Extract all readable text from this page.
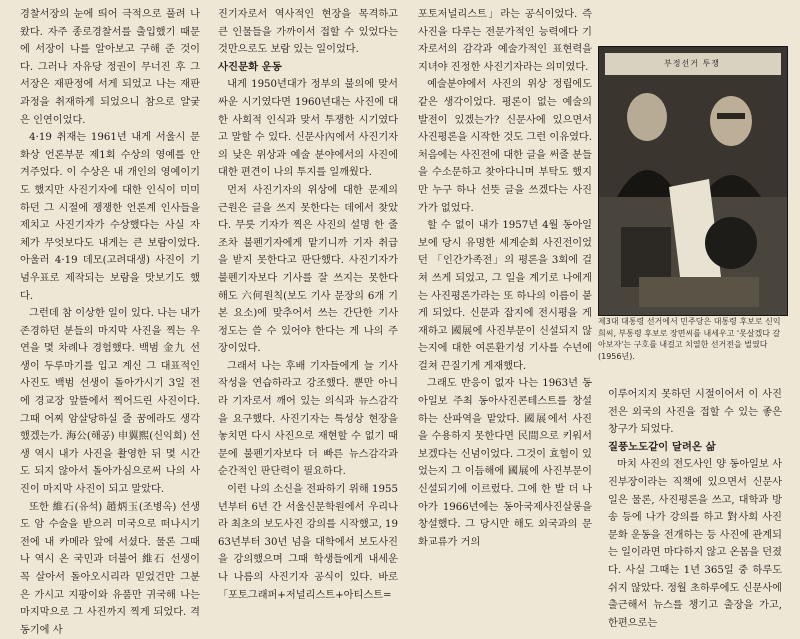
경찰서장의 눈에 띄어 극적으로 풀려 나왔다. 자주 종로경찰서를 출입했기 때문에 서장이 나를 알아보고 구해 준 것이다. 그러나 자유당 정권이 무너진 후 그 서장은 재판정에 서게 되었고 나는 재판 과정을 취재하게 되었으니 참으로 얄궂은 인연이었다.

4·19 취재는 1961년 내게 서울시 문화상 언론부문 제1회 수상의 영예를 안겨주었다. 이 수상은 내 개인의 영예이기도 했지만 사진기자에 대한 인식이 미미하던 그 시절에 쟁쟁한 언론계 인사들을 제치고 사진기자가 수상했다는 사실 자체가 무엇보다도 내게는 큰 보람이었다. 아울러 4·19 데모(고려대생) 사진이 기념우표로 제작되는 보람을 맛보기도 했다.

그런데 참 이상한 일이 있다. 나는 내가 존경하던 분들의 마지막 사진을 찍는 우연을 몇 차례나 경험했다. 백범 金九 선생이 두루마기를 입고 계신 그 대표적인 사진도 백범 선생이 돌아가시기 3일 전에 경교장 앞뜰에서 찍어드린 사진이다. 그때 어찌 암살당하실 줄 꿈에라도 생각했겠는가. 海公(해공) 申翼熙(신익희) 선생 역시 내가 사진을 촬영한 뒤 몇 시간도 되지 않아서 돌아가심으로써 나의 사진이 마지막 사진이 되고 말았다.

또한 維石(유석) 趙炳玉(조병옥) 선생도 암 수술을 받으러 미국으로 떠나시기 전에 내 카메라 앞에 서셨다. 물론 그때 나 역시 온 국민과 더불어 維石 선생이 꼭 살아서 돌아오시리라 믿었건만 그분은 가시고 지팡이와 유품만 귀국해 나는 마지막으로 그 사진까지 찍게 되었다. 격동기에 사

진기자로서 역사적인 현장을 목격하고 큰 인물들을 가까이서 접할 수 있었다는 것만으로도 보람 있는 일이었다.

사진문화 운동

내게 1950년대가 정부의 불의에 맞서 싸운 시기였다면 1960년대는 사진에 대한 사회적 인식과 맞서 투쟁한 시기였다고 말할 수 있다. 신문사內에서 사진기자의 낮은 위상과 예술 분야에서의 사진에 대한 편견이 나의 투지를 일깨웠다.

먼저 사진기자의 위상에 대한 문제의 근원은 글을 쓰지 못한다는 데에서 찾았다. 무릇 기자가 찍은 사진의 설명 한 줄조차 불펜기자에게 맡기니까 기자 취급을 받지 못한다고 판단했다. 사진기자가 불펜기자보다 기사를 잘 쓰지는 못한다 해도 六何원칙(보도 기사 문장의 6개 기본 요소)에 맞추어서 쓰는 간단한 기사 정도는 쓸 수 있어야 한다는 게 나의 주장이었다.

그래서 나는 후배 기자들에게 늘 기사작성을 연습하라고 강조했다. 뿐만 아니라 기자로서 깨어 있는 의식과 뉴스감각을 요구했다. 사진기자는 특성상 현장을 놓치면 다시 사진으로 재현할 수 없기 때문에 불펜기자보다 더 빠른 뉴스감각과 순간적인 판단력이 필요하다.

이런 나의 소신을 전파하기 위해 1955년부터 6년 간 서울신문학원에서 우리나라 최초의 보도사진 강의를 시작했고, 1963년부터 30년 넘을 대학에서 보도사진을 강의했으며 그때 학생들에게 내세운 나 나름의 사진기자 공식이 있다. 바로 「포토그래퍼+저널리스트+아티스트=

포토저널리스트」라는 공식이었다. 즉 사진을 다루는 전문가적인 능력에다 기자로서의 감각과 예술가적인 표현력을 지녀야 진정한 사진기자라는 의미였다.

예술분야에서 사진의 위상 정립에도 같은 생각이었다. 평론이 없는 예술의 발전이 있겠는가? 신문사에 있으면서 사진평론을 시작한 것도 그런 이유였다. 처음에는 사진전에 대한 글을 써줄 분들을 수소문하고 찾아다니며 부탁도 했지만 누구 하나 선뜻 글을 쓰겠다는 사진가가 없었다.

할 수 없이 내가 1957년 4월 동아일보에 당시 유명한 세계순회 사진전이었던 「인간가족전」의 평론을 3회에 걸쳐 쓰게 되었고, 그 일을 계기로 나에게는 사진평론가라는 또 하나의 이름이 붙게 되었다. 신문과 잡지에 전시평을 게재하고 國展에 사진부문이 신설되지 않는지에 대한 여론환기성 기사를 수년에 걸쳐 끈질기게 게재했다.

그래도 반응이 없자 나는 1963년 동아일보 주최 동아사진콘테스트를 창설하는 산파역을 맡았다. 國展에서 사진을 수용하지 못한다면 民間으로 키워서 보겠다는 신념이었다. 그것이 효험이 있었는지 그 이듬해에 國展에 사진부문이 신설되기에 이르렀다. 그에 한 발 더 나아가 1966년에는 동아국제사진살롱을 창설했다. 그 당시만 해도 외국과의 문화교류가 거의

부정선거 투쟁
제3대 대통령 선거에서 민주당은 대통령 후보로 신익희씨, 부통령 후보로 장면씨를 내세우고 '못살겠다 갈아보자'는 구호를 내걸고 치열한 선거전을 벌였다(1956년).

이루어지지 못하던 시절이어서 이 사진전은 외국의 사진을 접할 수 있는 좋은 창구가 되었다.

질풍노도같이 달려온 삶

마치 사진의 전도사인 양 동아일보 사진부장이라는 직책에 있으면서 신문사 일은 물론, 사진평론을 쓰고, 대학과 방송 등에 나가 강의를 하고 對사회 사진문화 운동을 전개하는 등 사진에 관계되는 일이라면 마다하지 않고 온몸을 던졌다. 사실 그때는 1년 365일 중 하루도 쉬지 않았다. 정월 초하루에도 신문사에 출근해서 뉴스를 챙기고 출장을 가고, 한편으로는
